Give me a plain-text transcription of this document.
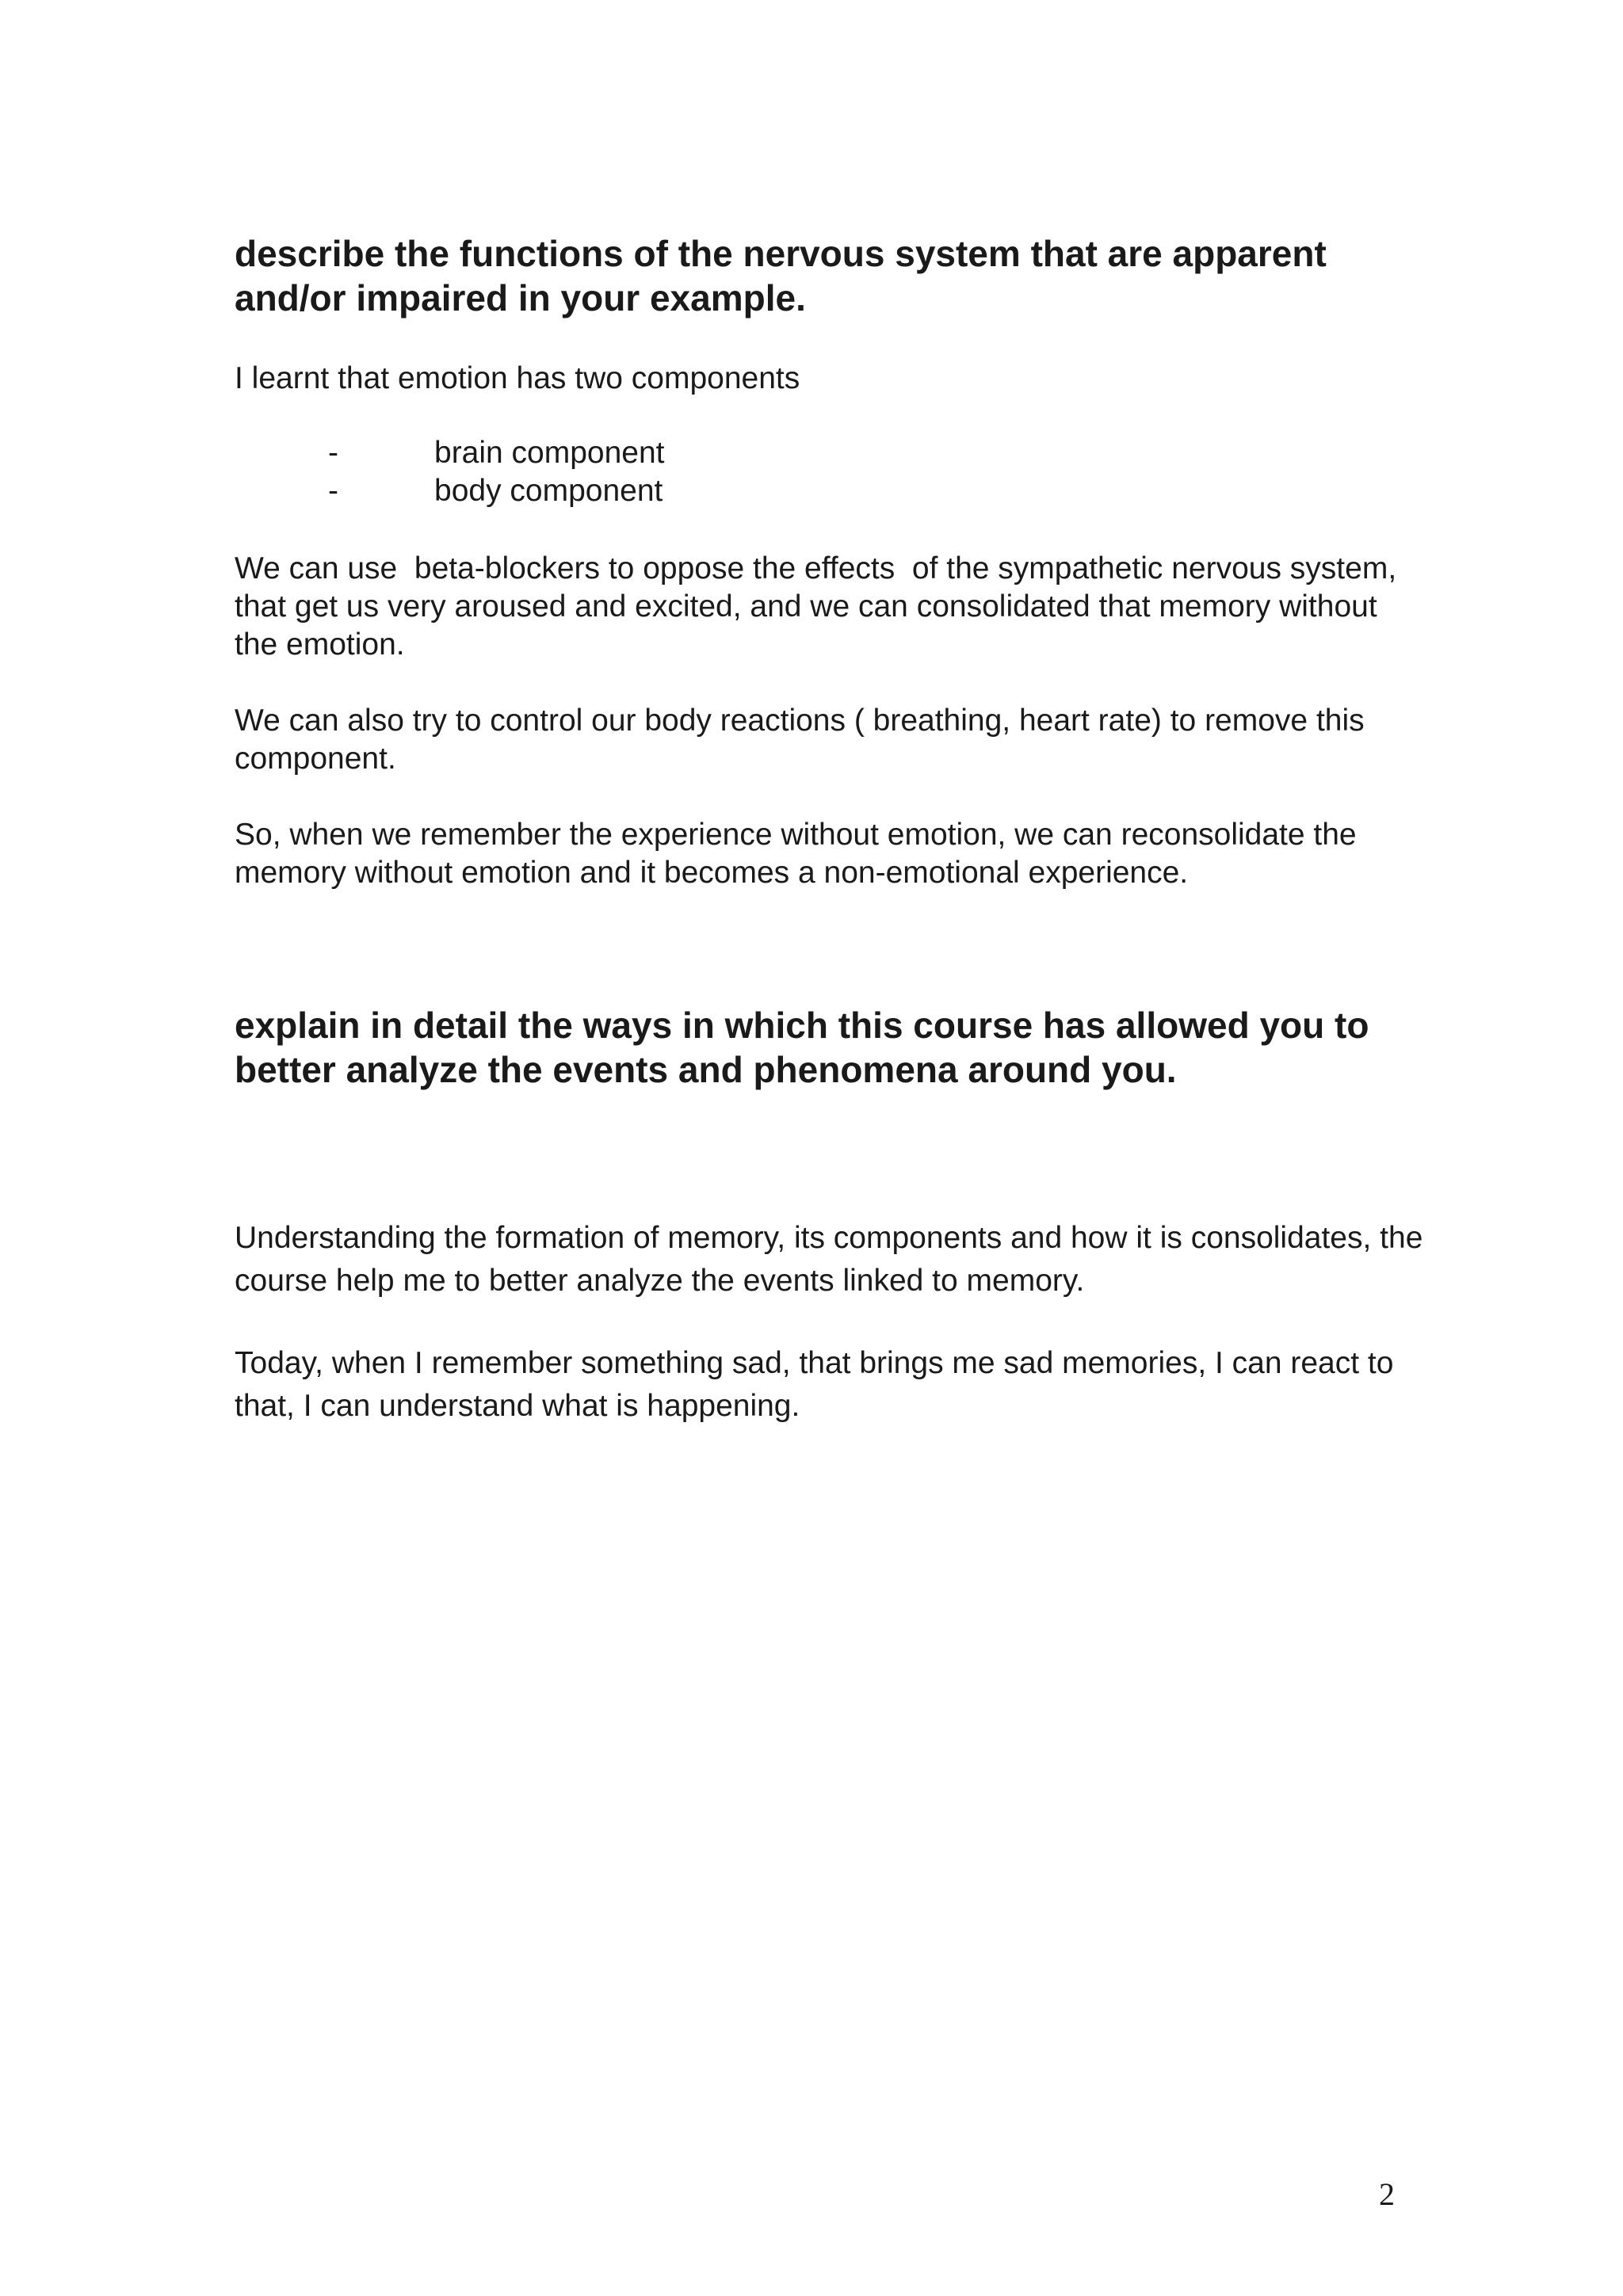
describe the functions of the nervous system that are apparent and/or impaired in your example.

I learnt that emotion has two components

-	brain component
-	body component

We can use  beta-blockers to oppose the effects  of the sympathetic nervous system, that get us very aroused and excited, and we can consolidated that memory without the emotion.

We can also try to control our body reactions ( breathing, heart rate) to remove this component.

So, when we remember the experience without emotion, we can reconsolidate the memory without emotion and it becomes a non-emotional experience.

explain in detail the ways in which this course has allowed you to better analyze the events and phenomena around you.

Understanding the formation of memory, its components and how it is consolidates, the course help me to better analyze the events linked to memory.

Today, when I remember something sad, that brings me sad memories, I can react to that, I can understand what is happening.

2
